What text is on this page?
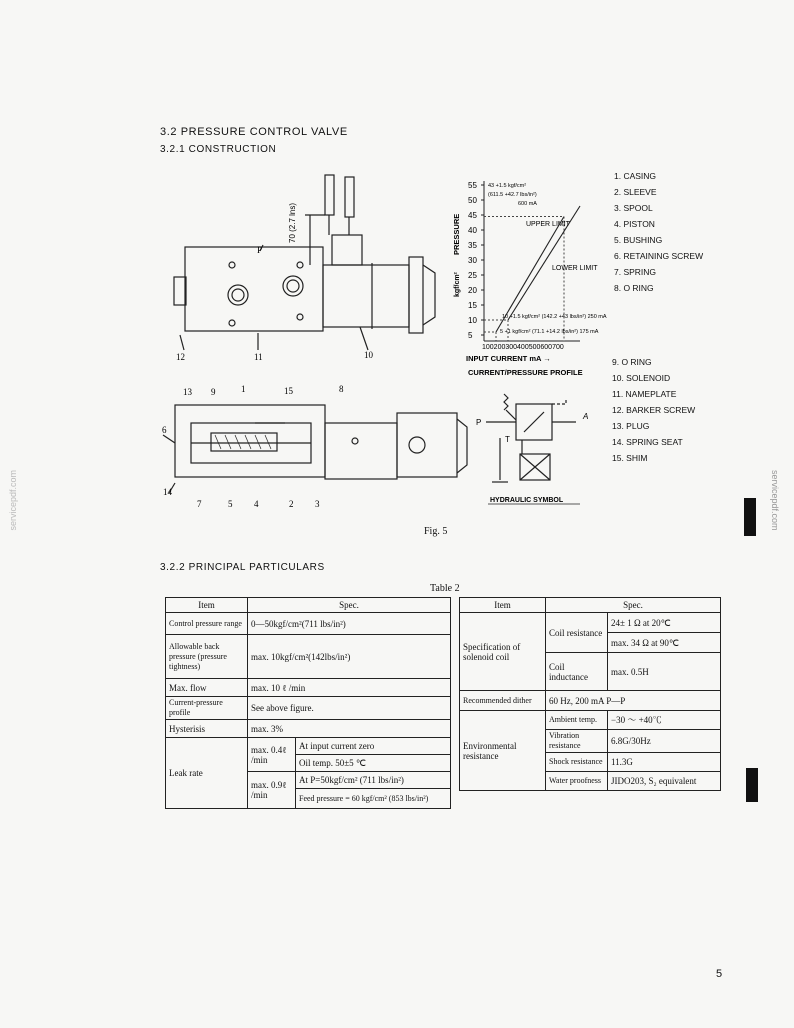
3.2 PRESSURE CONTROL VALVE
3.2.1 CONSTRUCTION
70 (2.7 lns)
P
12	11	10
13 9	1	15	8
6
14
7	5 4	2 3
55
50
45
40
35
30
25
20
15
10
5
100200300400500600700
INPUT CURRENT mA →
CURRENT/PRESSURE PROFILE
PRESSURE
kgf/cm²
43 +1.5 kgf/cm²
(611.5 +42.7 lbs/in²)
600 mA
10 +1.5 kgf/cm² (142.2 +43 lbs/in²) 250 mA
5 +1 kgf/cm² (71.1 +14.2 lbs/in²) 175 mA
UPPER LIMIT
LOWER LIMIT
1. CASING
2. SLEEVE
3. SPOOL
4. PISTON
5. BUSHING
6. RETAINING SCREW
7. SPRING
8. O RING
9. O RING
10. SOLENOID
11. NAMEPLATE
12. BARKER SCREW
13. PLUG
14. SPRING SEAT
15. SHIM
P
A
T
HYDRAULIC SYMBOL
Fig. 5
3.2.2 PRINCIPAL PARTICULARS
Table 2
Item	Spec.	
Control pressure range	0—50kgf/cm²(711 lbs/in²)	
Allowable back pressure (pressure tightness)	max. 10kgf/cm²(142lbs/in²)	
Max. flow	max. 10 ℓ /min	
Current-pressure profile	See above figure.	
Hysterisis	max. 3%	
Leak rate	max. 0.4ℓ /min	At input current zero
		Oil temp. 50±5 ℃
	max. 0.9ℓ /min	At P=50kgf/cm² (711 lbs/in²)
		Feed pressure = 60 kgf/cm² (853 lbs/in²)
Item	Spec.	
Specification of solenoid coil	Coil resistance	24± 1 Ω at 20℃
		max. 34 Ω at 90℃
	Coil inductance	max. 0.5H
Recommended dither	60 Hz, 200 mA P—P	
Environmental resistance	Ambient temp.	−30 ～ +40℃
	Vibration resistance	6.8G/30Hz
	Shock resistance	11.3G
	Water proofness	JIDO203, S₂ equivalent
servicepdf.com
servicepdf.com
5
